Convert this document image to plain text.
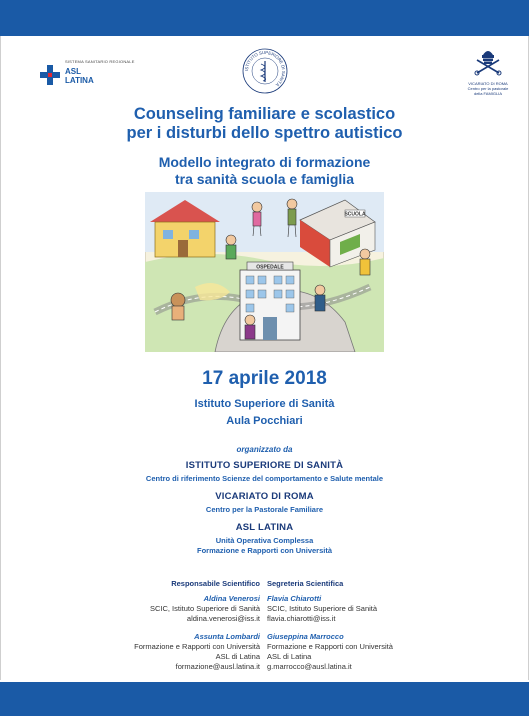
SISTEMA SANITARIO REGIONALE
ASL
LATINA
ISTITUTO SUPERIORE DI SANITÀ	VICARIATO DI ROMA
Centro per la pastorale
della FAMIGLIA
Counseling familiare e scolastico
per i disturbi dello spettro autistico
Modello integrato di formazione
tra sanità scuola e famiglia
SCUOLA
OSPEDALE
17 aprile 2018
Istituto Superiore di Sanità
Aula Pocchiari
organizzato da
ISTITUTO SUPERIORE DI SANITÀ
Centro di riferimento Scienze del comportamento e Salute mentale
VICARIATO DI ROMA
Centro per la Pastorale Familiare
ASL LATINA
Unità Operativa Complessa
Formazione e Rapporti con Università
Responsabile Scientifico
Aldina Venerosi
SCIC, Istituto Superiore di Sanità
aldina.venerosi@iss.it
Assunta Lombardi
Formazione e Rapporti con Università
ASL di Latina
formazione@ausl.latina.it
Segreteria Scientifica
Flavia Chiarotti
SCIC, Istituto Superiore di Sanità
flavia.chiarotti@iss.it
Giuseppina Marrocco
Formazione e Rapporti con Università
ASL di Latina
g.marrocco@ausl.latina.it
